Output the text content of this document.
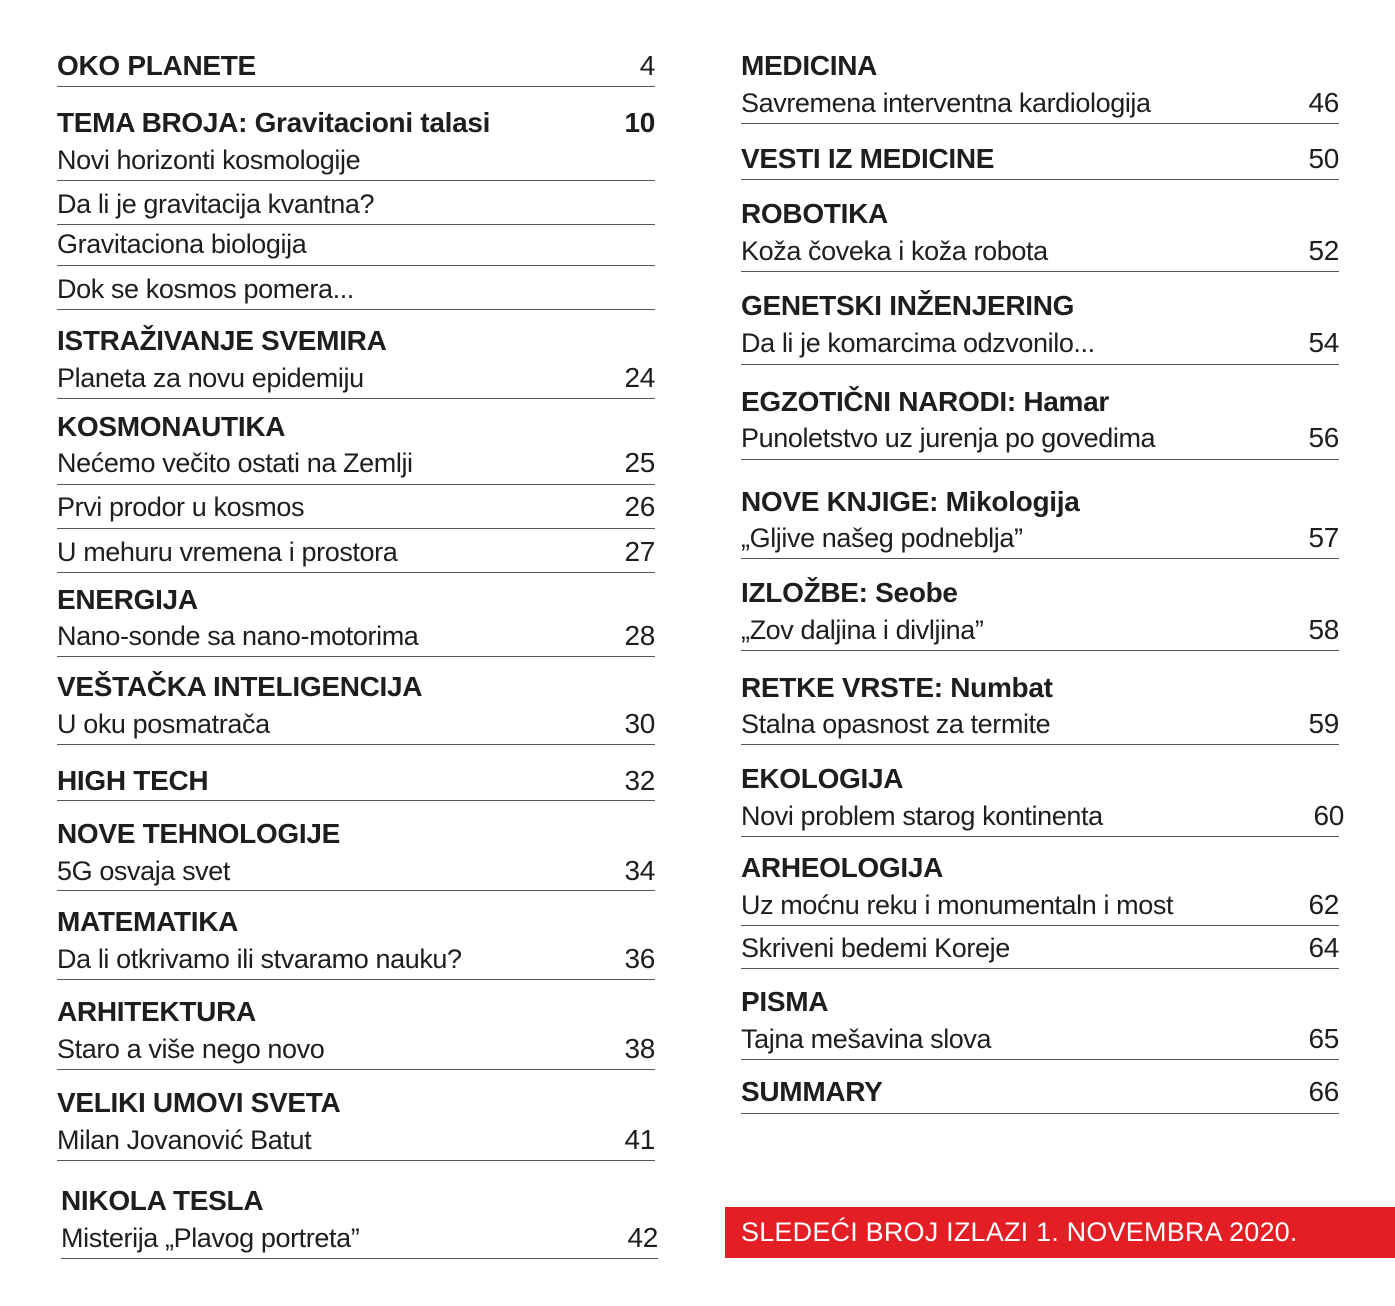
OKO PLANETE	4
TEMA BROJA: Gravitacioni talasi	10
Novi horizonti kosmologije
Da li je gravitacija kvantna?
Gravitaciona biologija
Dok se kosmos pomera...
ISTRAŽIVANJE SVEMIRA
Planeta za novu epidemiju	24
KOSMONAUTIKA
Nećemo večito ostati na Zemlji	25
Prvi prodor u kosmos	26
U mehuru vremena i prostora	27
ENERGIJA
Nano-sonde sa nano-motorima	28
VEŠTAČKA INTELIGENCIJA
U oku posmatrača	30
HIGH TECH	32
NOVE TEHNOLOGIJE
5G osvaja svet	34
MATEMATIKA
Da li otkrivamo ili stvaramo nauku?	36
ARHITEKTURA
Staro a više nego novo	38
VELIKI UMOVI SVETA
Milan Jovanović Batut	41
NIKOLA TESLA
Misterija „Plavog portreta”	42
MEDICINA
Savremena interventna kardiologija	46
VESTI IZ MEDICINE	50
ROBOTIKA
Koža čoveka i koža robota	52
GENETSKI INŽENJERING
Da li je komarcima odzvonilo...	54
EGZOTIČNI NARODI: Hamar
Punoletstvo uz jurenja po govedima	56
NOVE KNJIGE: Mikologija
„Gljive našeg podneblja”	57
IZLOŽBE: Seobe
„Zov daljina i divljina”	58
RETKE VRSTE: Numbat
Stalna opasnost za termite	59
EKOLOGIJA
Novi problem starog kontinenta	60
ARHEOLOGIJA
Uz moćnu reku i monumentaln i most	62
Skriveni bedemi Koreje	64
PISMA
Tajna mešavina slova	65
SUMMARY	66
SLEDEĆI BROJ IZLAZI 1. NOVEMBRA 2020.
